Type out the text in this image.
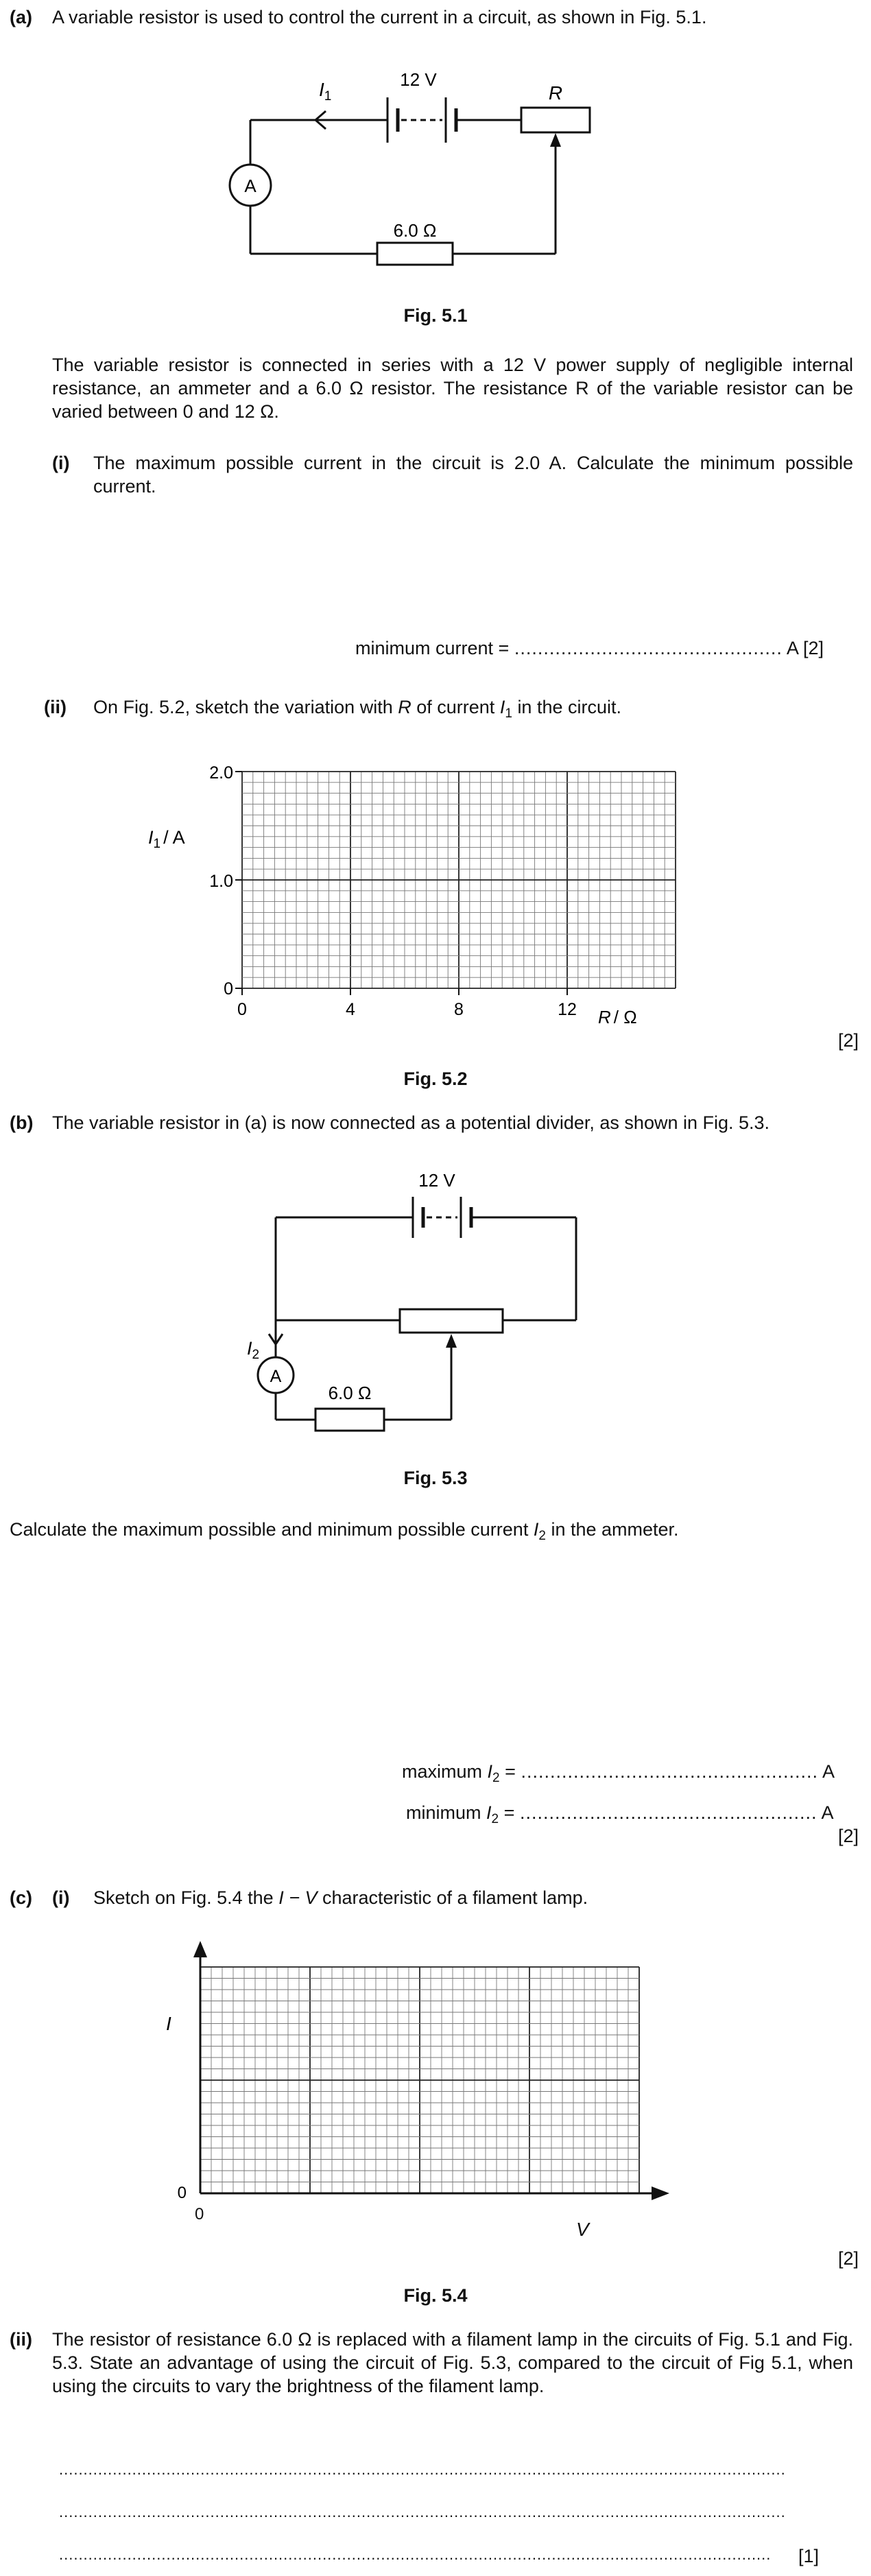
(a) A variable resistor is used to control the current in a circuit, as shown in Fig. 5.1.
$I_1$
12 V
R
A
6.0 Ω
Fig. 5.1
The variable resistor is connected in series with a 12 V power supply of negligible internal resistance, an ammeter and a 6.0 Ω resistor. The resistance R of the variable resistor can be varied between 0 and 12 Ω.
(i) The maximum possible current in the circuit is 2.0 A. Calculate the minimum possible current.
minimum current = .............................................. A [2]
(ii) On Fig. 5.2, sketch the variation with R of current $I_1$ in the circuit.
$I_1$ / A
2.0
1.0
0
0	4	8	12 R / Ω
[2]
Fig. 5.2
(b) The variable resistor in (a) is now connected as a potential divider, as shown in Fig. 5.3.
12 V
$I_2$
A
6.0 Ω
Fig. 5.3
Calculate the maximum possible and minimum possible current $I_2$ in the ammeter.
maximum $I_2$ = ................................................... A
minimum $I_2$ = ................................................... A
[2]
(c) (i) Sketch on Fig. 5.4 the I − V characteristic of a filament lamp.
I
0
0
V
[2]
Fig. 5.4
(ii) The resistor of resistance 6.0 Ω is replaced with a filament lamp in the circuits of Fig. 5.1 and Fig. 5.3. State an advantage of using the circuit of Fig. 5.3, compared to the circuit of Fig 5.1, when using the circuits to vary the brightness of the filament lamp.
.....................................................................................................................................................
.....................................................................................................................................................
.................................................................................................................................................. [1]
